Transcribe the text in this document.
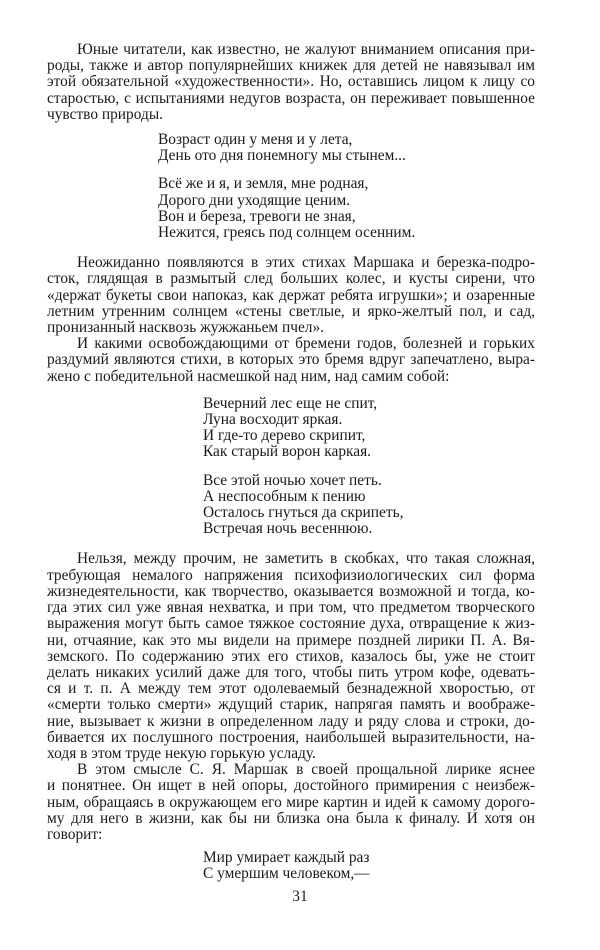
Юные читатели, как известно, не жалуют вниманием описания при-
роды, также и автор популярнейших книжек для детей не навязывал им
этой обязательной «художественности». Но, оставшись лицом к лицу со
старостью, с испытаниями недугов возраста, он переживает повышенное
чувство природы.
Возраст один у меня и у лета,
День ото дня понемногу мы стынем...
Всё же и я, и земля, мне родная,
Дорого дни уходящие ценим.
Вон и береза, тревоги не зная,
Нежится, греясь под солнцем осенним.
Неожиданно появляются в этих стихах Маршака и березка-подро-
сток, глядящая в размытый след больших колес, и кусты сирени, что
«держат букеты свои напоказ, как держат ребята игрушки»; и озаренные
летним утренним солнцем «стены светлые, и ярко-желтый пол, и сад,
пронизанный насквозь жужжаньем пчел».
И какими освобождающими от бремени годов, болезней и горьких
раздумий являются стихи, в которых это бремя вдруг запечатлено, выра-
жено с победительной насмешкой над ним, над самим собой:
Вечерний лес еще не спит,
Луна восходит яркая.
И где-то дерево скрипит,
Как старый ворон каркая.
Все этой ночью хочет петь.
А неспособным к пению
Осталось гнуться да скрипеть,
Встречая ночь весеннюю.
Нельзя, между прочим, не заметить в скобках, что такая сложная,
требующая немалого напряжения психофизиологических сил форма
жизнедеятельности, как творчество, оказывается возможной и тогда, ко-
гда этих сил уже явная нехватка, и при том, что предметом творческого
выражения могут быть самое тяжкое состояние духа, отвращение к жиз-
ни, отчаяние, как это мы видели на примере поздней лирики П. А. Вя-
земского. По содержанию этих его стихов, казалось бы, уже не стоит
делать никаких усилий даже для того, чтобы пить утром кофе, одевать-
ся и т. п. А между тем этот одолеваемый безнадежной хворостью, от
«смерти только смерти» ждущий старик, напрягая память и воображе-
ние, вызывает к жизни в определенном ладу и ряду слова и строки, до-
бивается их послушного построения, наибольшей выразительности, на-
ходя в этом труде некую горькую усладу.
В этом смысле С. Я. Маршак в своей прощальной лирике яснее
и понятнее. Он ищет в ней опоры, достойного примирения с неизбеж-
ным, обращаясь в окружающем его мире картин и идей к самому дорого-
му для него в жизни, как бы ни близка она была к финалу. И хотя он
говорит:
Мир умирает каждый раз
С умершим человеком,—
31
